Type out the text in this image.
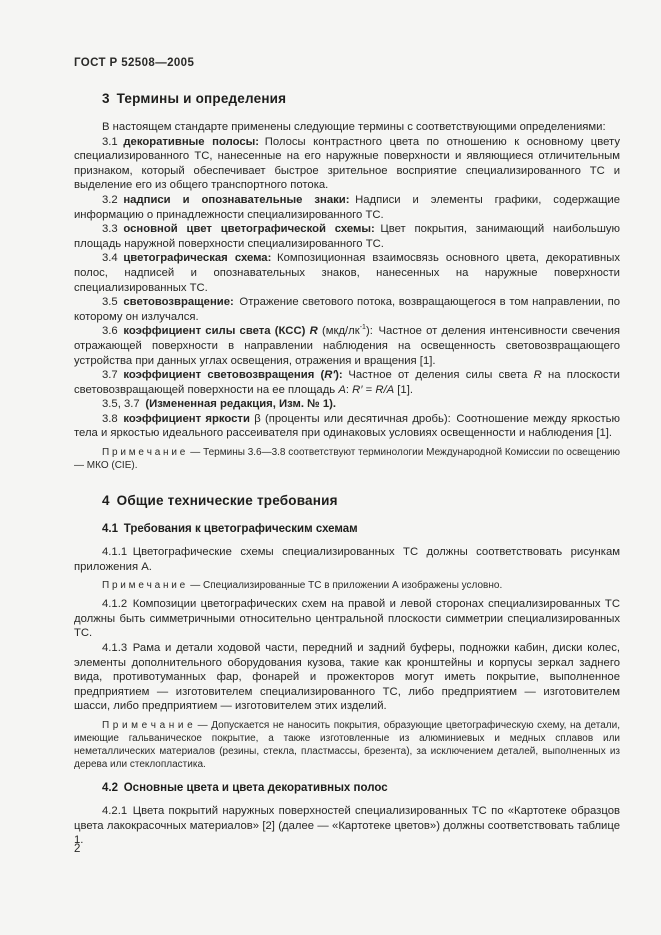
ГОСТ Р 52508—2005
3 Термины и определения
В настоящем стандарте применены следующие термины с соответствующими определениями:
3.1 декоративные полосы: Полосы контрастного цвета по отношению к основному цвету специализированного ТС, нанесенные на его наружные поверхности и являющиеся отличительным признаком, который обеспечивает быстрое зрительное восприятие специализированного ТС и выделение его из общего транспортного потока.
3.2 надписи и опознавательные знаки: Надписи и элементы графики, содержащие информацию о принадлежности специализированного ТС.
3.3 основной цвет цветографической схемы: Цвет покрытия, занимающий наибольшую площадь наружной поверхности специализированного ТС.
3.4 цветографическая схема: Композиционная взаимосвязь основного цвета, декоративных полос, надписей и опознавательных знаков, нанесенных на наружные поверхности специализированных ТС.
3.5 световозвращение: Отражение светового потока, возвращающегося в том направлении, по которому он излучался.
3.6 коэффициент силы света (КСС) R $(мкд/лк^{-1})$: Частное от деления интенсивности свечения отражающей поверхности в направлении наблюдения на освещенность световозвращающего устройства при данных углах освещения, отражения и вращения [1].
3.7 коэффициент световозвращения (R′): Частное от деления силы света R на плоскости световозвращающей поверхности на ее площадь А: R′ = R/A [1].
3.5, 3.7 (Измененная редакция, Изм. № 1).
3.8 коэффициент яркости β (проценты или десятичная дробь): Соотношение между яркостью тела и яркостью идеального рассеивателя при одинаковых условиях освещенности и наблюдения [1].
П р и м е ч а н и е — Термины 3.6—3.8 соответствуют терминологии Международной Комиссии по освещению — МКО (CIE).
4 Общие технические требования
4.1 Требования к цветографическим схемам
4.1.1 Цветографические схемы специализированных ТС должны соответствовать рисункам приложения А.
П р и м е ч а н и е — Специализированные ТС в приложении А изображены условно.
4.1.2 Композиции цветографических схем на правой и левой сторонах специализированных ТС должны быть симметричными относительно центральной плоскости симметрии специализированных ТС.
4.1.3 Рама и детали ходовой части, передний и задний буферы, подножки кабин, диски колес, элементы дополнительного оборудования кузова, такие как кронштейны и корпусы зеркал заднего вида, противотуманных фар, фонарей и прожекторов могут иметь покрытие, выполненное предприятием — изготовителем специализированного ТС, либо предприятием — изготовителем шасси, либо предприятием — изготовителем этих изделий.
П р и м е ч а н и е — Допускается не наносить покрытия, образующие цветографическую схему, на детали, имеющие гальваническое покрытие, а также изготовленные из алюминиевых и медных сплавов или неметаллических материалов (резины, стекла, пластмассы, брезента), за исключением деталей, выполненных из дерева или стеклопластика.
4.2 Основные цвета и цвета декоративных полос
4.2.1 Цвета покрытий наружных поверхностей специализированных ТС по «Картотеке образцов цвета лакокрасочных материалов» [2] (далее — «Картотеке цветов») должны соответствовать таблице 1.
2
